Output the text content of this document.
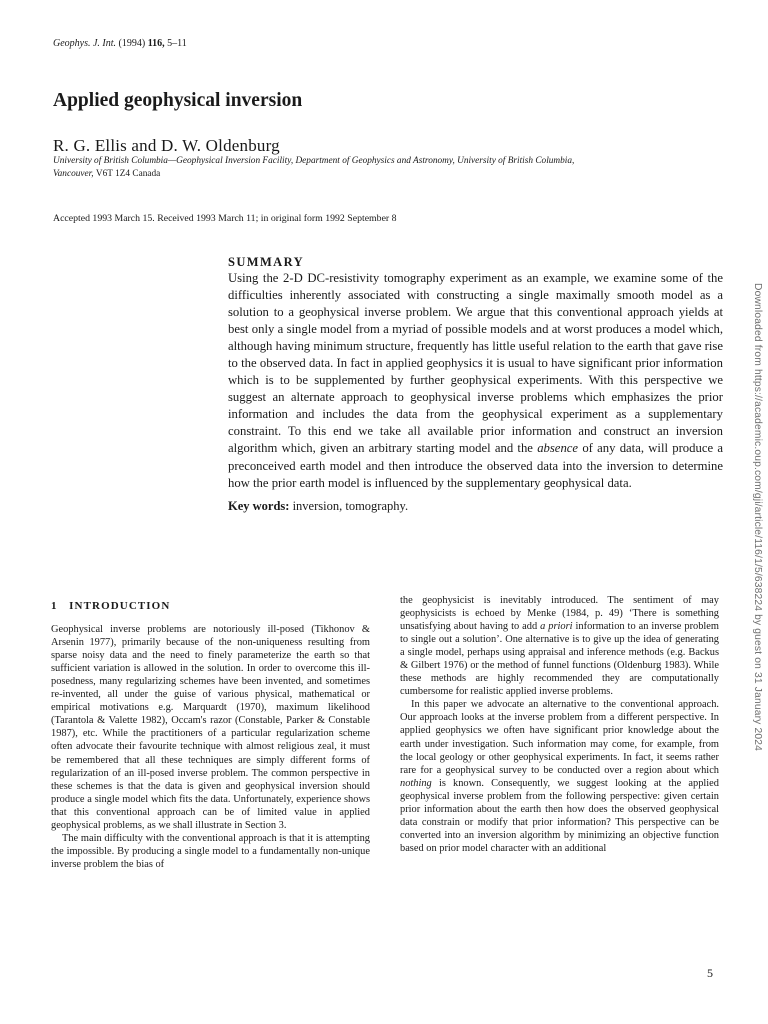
Geophys. J. Int. (1994) 116, 5–11
Applied geophysical inversion
R. G. Ellis and D. W. Oldenburg
University of British Columbia—Geophysical Inversion Facility, Department of Geophysics and Astronomy, University of British Columbia,
Vancouver, V6T 1Z4 Canada
Accepted 1993 March 15. Received 1993 March 11; in original form 1992 September 8
SUMMARY

Using the 2-D DC-resistivity tomography experiment as an example, we examine some of the difficulties inherently associated with constructing a single maximally smooth model as a solution to a geophysical inverse problem. We argue that this conventional approach yields at best only a single model from a myriad of possible models and at worst produces a model which, although having minimum structure, frequently has little useful relation to the earth that gave rise to the observed data. In fact in applied geophysics it is usual to have significant prior information which is to be supplemented by further geophysical experiments. With this perspective we suggest an alternate approach to geophysical inverse problems which emphasizes the prior information and includes the data from the geophysical experiment as a supplementary constraint. To this end we take all available prior information and construct an inversion algorithm which, given an arbitrary starting model and the absence of any data, will produce a preconceived earth model and then introduce the observed data into the inversion to determine how the prior earth model is influenced by the supplementary geophysical data.

Key words: inversion, tomography.
1 INTRODUCTION

Geophysical inverse problems are notoriously ill-posed (Tikhonov & Arsenin 1977), primarily because of the non-uniqueness resulting from sparse noisy data and the need to finely parameterize the earth so that sufficient variation is allowed in the solution. In order to overcome this ill-posedness, many regularizing schemes have been invented, and sometimes re-invented, all under the guise of various physical, mathematical or empirical motivations e.g. Marquardt (1970), maximum likelihood (Tarantola & Valette 1982), Occam's razor (Constable, Parker & Constable 1987), etc. While the practitioners of a particular regularization scheme often advocate their favourite technique with almost religious zeal, it must be remembered that all these techniques are simply different forms of regularization of an ill-posed inverse problem. The common perspective in these schemes is that the data is given and geophysical inversion should produce a single model which fits the data. Unfortunately, experience shows that this conventional approach can be of limited value in applied geophysical problems, as we shall illustrate in Section 3.

The main difficulty with the conventional approach is that it is attempting the impossible. By producing a single model to a fundamentally non-unique inverse problem the bias of

the geophysicist is inevitably introduced. The sentiment of may geophysicists is echoed by Menke (1984, p. 49) ‘There is something unsatisfying about having to add a priori information to an inverse problem to single out a solution’. One alternative is to give up the idea of generating a single model, perhaps using appraisal and inference methods (e.g. Backus & Gilbert 1976) or the method of funnel functions (Oldenburg 1983). While these methods are highly recommended they are computationally cumbersome for realistic applied inverse problems.

In this paper we advocate an alternative to the conventional approach. Our approach looks at the inverse problem from a different perspective. In applied geophysics we often have significant prior knowledge about the earth under investigation. Such information may come, for example, from the local geology or other geophysical experiments. In fact, it seems rather rare for a geophysical survey to be conducted over a region about which nothing is known. Consequently, we suggest looking at the applied geophysical inverse problem from the following perspective: given certain prior information about the earth then how does the observed geophysical data constrain or modify that prior information? This perspective can be converted into an inversion algorithm by minimizing an objective function based on prior model character with an additional

5
Downloaded from https://academic.oup.com/gji/article/116/1/5/638224 by guest on 31 January 2024
